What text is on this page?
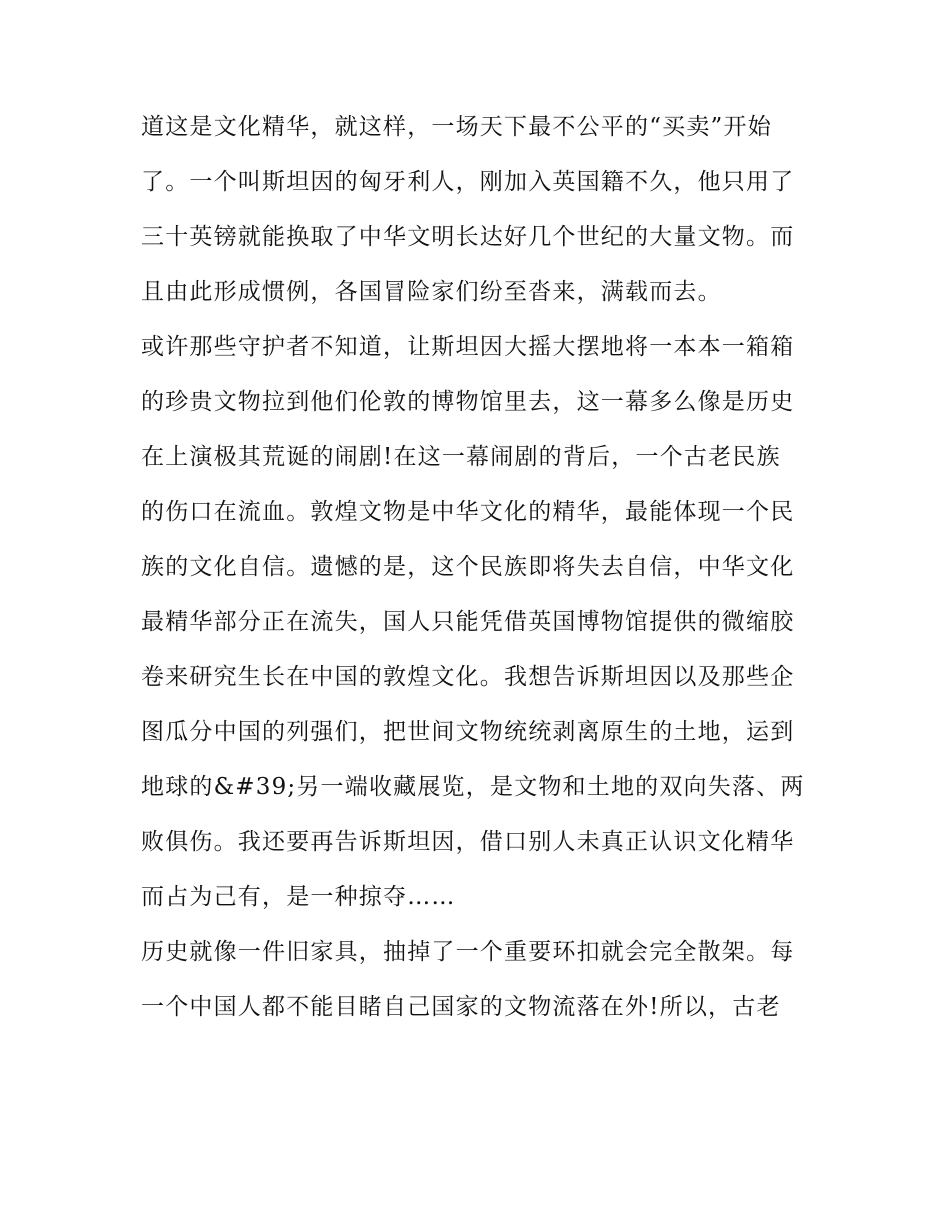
道这是文化精华，就这样，一场天下最不公平的“买卖”开始
了。一个叫斯坦因的匈牙利人，刚加入英国籍不久，他只用了
三十英镑就能换取了中华文明长达好几个世纪的大量文物。而
且由此形成惯例，各国冒险家们纷至沓来，满载而去。
或许那些守护者不知道，让斯坦因大摇大摆地将一本本一箱箱
的珍贵文物拉到他们伦敦的博物馆里去，这一幕多么像是历史
在上演极其荒诞的闹剧!在这一幕闹剧的背后，一个古老民族
的伤口在流血。敦煌文物是中华文化的精华，最能体现一个民
族的文化自信。遗憾的是，这个民族即将失去自信，中华文化
最精华部分正在流失，国人只能凭借英国博物馆提供的微缩胶
卷来研究生长在中国的敦煌文化。我想告诉斯坦因以及那些企
图瓜分中国的列强们，把世间文物统统剥离原生的土地，运到
地球的&#39;另一端收藏展览，是文物和土地的双向失落、两
败俱伤。我还要再告诉斯坦因，借口别人未真正认识文化精华
而占为己有，是一种掠夺……
历史就像一件旧家具，抽掉了一个重要环扣就会完全散架。每
一个中国人都不能目睹自己国家的文物流落在外!所以，古老
